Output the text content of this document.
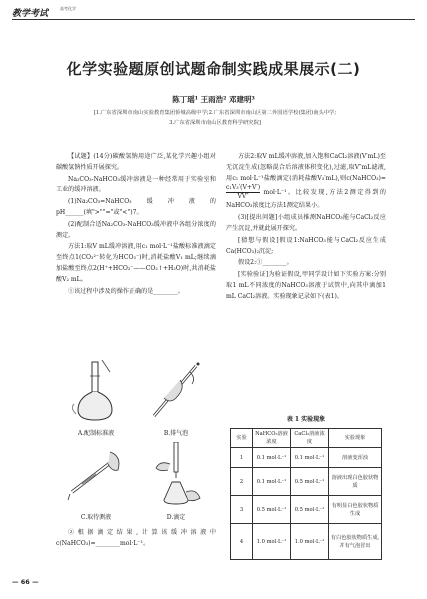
教学考试
高考化学
化学实验题原创试题命制实践成果展示(二)
陈丁瑶¹ 王雨浩² 邓建明³
[1.广东省深圳市南山实验教育集团侨城高级中学;2.广东省深圳市南山区第二外国语学校(集团)南头中学;
3.广东省深圳市南山区教育科学研究院]

【试题】(14分)碳酸氢钠用途广泛,某化学兴趣小组对碳酸氢钠性质开展探究。

Na₂CO₃-NaHCO₃缓冲溶液是一种经常用于实验室和工业的缓冲溶液。

(1)Na₂CO₃=NaHCO₃缓冲液的pH______(填">""="或"<")7。

(2)配制合适Na₂CO₃-NaHCO₃缓冲液中各组分浓度的测定。

方法1:取V mL缓冲溶液,用c₁ mol·L⁻¹盐酸标准液滴定至终点1(CO₃²⁻转化为HCO₃⁻)时,消耗盐酸V₁ mL;继续滴加盐酸至终点2(H⁺+HCO₃⁻——CO₂↑+H₂O)时,共消耗盐酸V₂ mL。

①该过程中涉及的操作正确的是________。

A.配制标准液	B.排气泡
C.取待测液	D.滴定

②根据滴定结果,计算该缓冲溶液中c(NaHCO₃)=________mol·L⁻¹。

方法2:取V mL缓冲溶液,加入饱和CaCl₂溶液(V′mL)至无沉淀生成(忽略混合后溶液体积变化),过滤,取V″mL滤液,用c₁ mol·L⁻¹盐酸滴定(消耗盐酸V₃′mL),则c(NaHCO₃)=
$\frac{\text{c₁V₃′(V+V′)}}{VV''} mol\cdot L^{-1}$。比较发现,方法2测定得到的NaHCO₃浓度比方法1测定结果小。

(3)[提出问题]小组成员推测NaHCO₃能与CaCl₂反应产生沉淀,并就此展开探究。

[猜想与假设]假设1:NaHCO₃能与CaCl₂反应生成Ca(HCO₃)₂沉淀;

假设2:①________。

[实验验证]为验证假设,甲同学设计如下实验方案:分别取1 mL不同浓度的NaHCO₃溶液于试管中,向其中滴加1 mL CaCl₂溶液。实验现象记录如下(表1)。

表 1 实验现象
实验	NaHCO₃溶液浓度	CaCl₂溶液浓度	实验现象
1	0.1 mol·L⁻¹	0.1 mol·L⁻¹	溶液变浑浊
2	0.1 mol·L⁻¹	0.5 mol·L⁻¹	溶液出现白色胶状物质
3	0.5 mol·L⁻¹	0.5 mol·L⁻¹	有明显白色胶状物质生成
4	1.0 mol·L⁻¹	1.0 mol·L⁻¹	有白色胶状物质生成,并有气泡冒出
— 66 —
